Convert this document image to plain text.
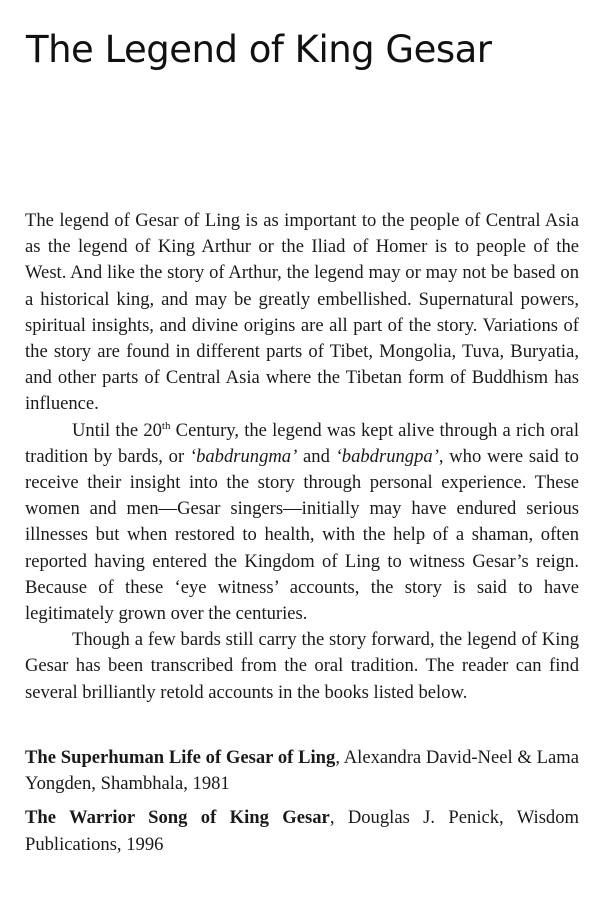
The Legend of King Gesar

The legend of Gesar of Ling is as important to the people of Central Asia as the legend of King Arthur or the Iliad of Homer is to people of the West. And like the story of Arthur, the legend may or may not be based on a historical king, and may be greatly embellished. Supernatural powers, spiritual insights, and divine origins are all part of the story. Variations of the story are found in different parts of Tibet, Mongolia, Tuva, Buryatia, and other parts of Central Asia where the Tibetan form of Buddhism has influence.

Until the 20th Century, the legend was kept alive through a rich oral tradition by bards, or ‘babdrungma’ and ‘babdrungpa’, who were said to receive their insight into the story through personal experience. These women and men—Gesar singers—initially may have endured serious illnesses but when restored to health, with the help of a shaman, often reported having entered the Kingdom of Ling to witness Gesar’s reign. Because of these ‘eye witness’ accounts, the story is said to have legitimately grown over the centuries.

Though a few bards still carry the story forward, the legend of King Gesar has been transcribed from the oral tradition. The reader can find several brilliantly retold accounts in the books listed below.

The Superhuman Life of Gesar of Ling, Alexandra David-Neel & Lama Yongden, Shambhala, 1981

The Warrior Song of King Gesar, Douglas J. Penick, Wisdom Publications, 1996
